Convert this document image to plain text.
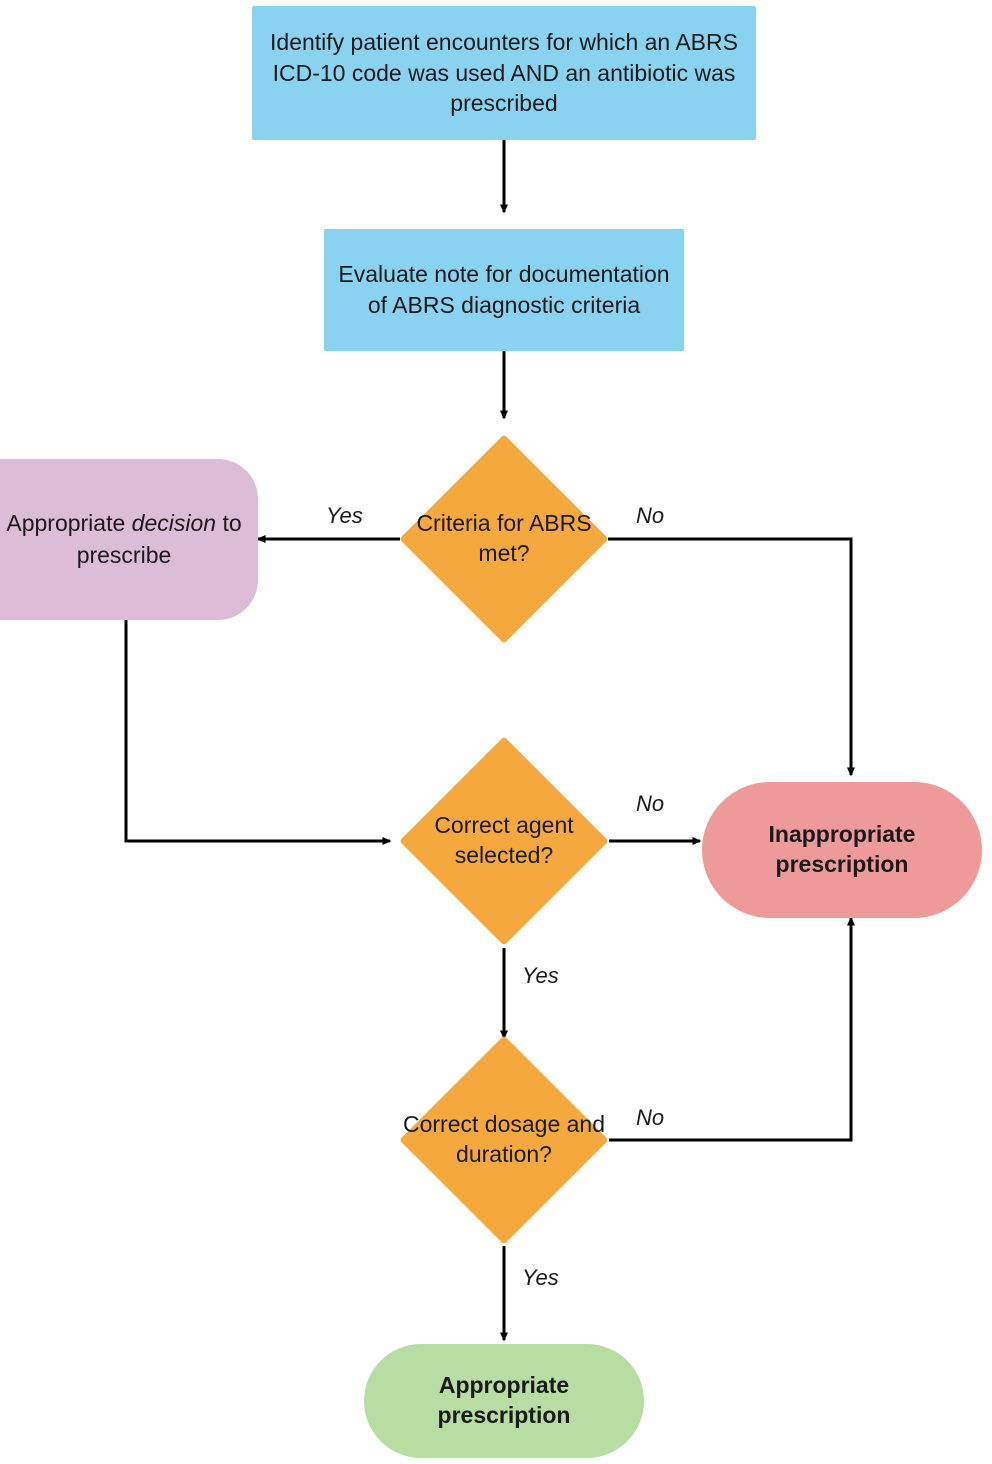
Identify patient encounters for which an ABRS ICD-10 code was used AND an antibiotic was prescribed
Evaluate note for documentation of ABRS diagnostic criteria
Criteria for ABRS met?
Appropriate decision to prescribe
Correct agent selected?
Correct dosage and duration?
Inappropriate prescription
Appropriate prescription
Yes	No
No
Yes
No
Yes
